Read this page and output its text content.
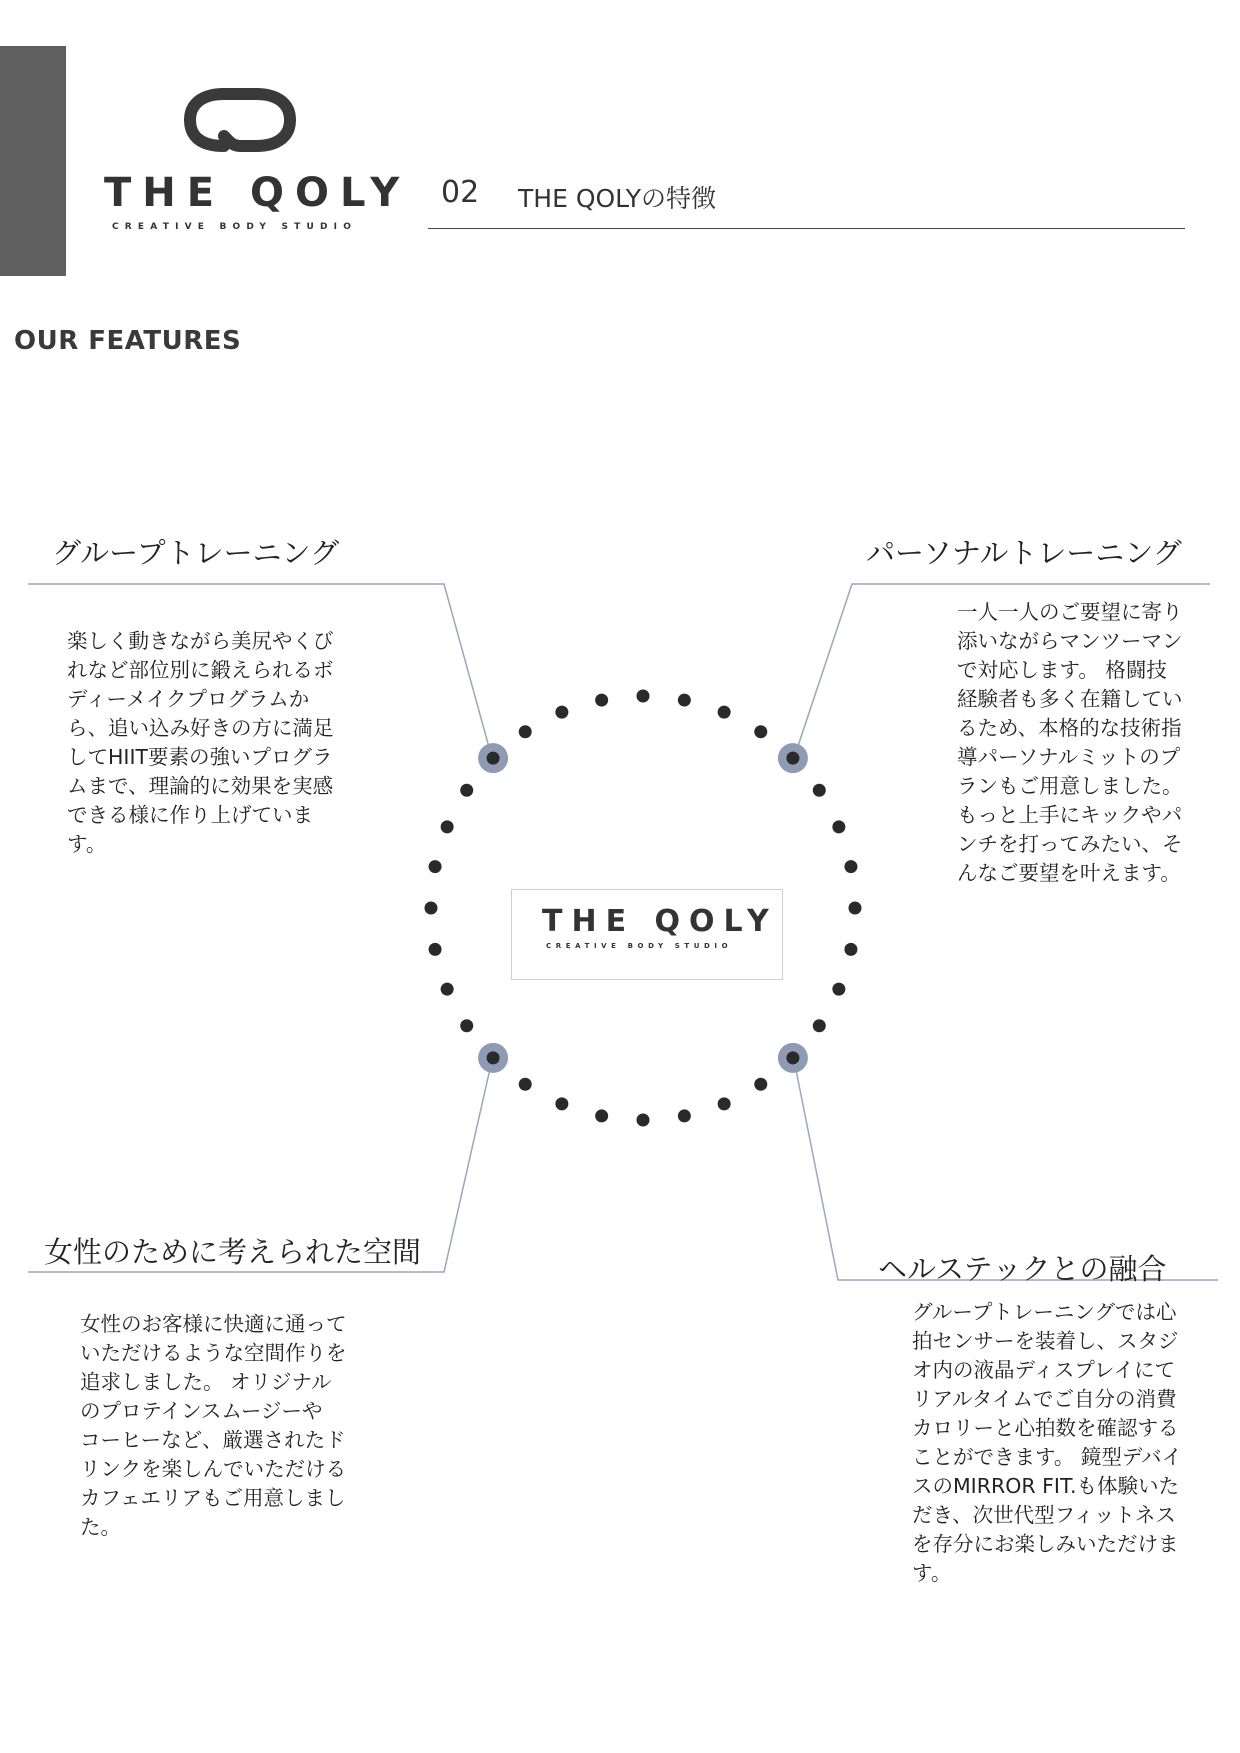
THE QOLY
CREATIVE BODY STUDIO
02 THE QOLYの特徴
OUR FEATURES
グループトレーニング
楽しく動きながら美尻やくび
れなど部位別に鍛えられるボ
ディーメイクプログラムか
ら、追い込み好きの方に満足
してHIIT要素の強いプログラ
ムまで、理論的に効果を実感
できる様に作り上げていま
す。
パーソナルトレーニング
一人一人のご要望に寄り
添いながらマンツーマン
で対応します。 格闘技
経験者も多く在籍してい
るため、本格的な技術指
導パーソナルミットのプ
ランもご用意しました。
もっと上手にキックやパ
ンチを打ってみたい、そ
んなご要望を叶えます。
女性のために考えられた空間
女性のお客様に快適に通って
いただけるような空間作りを
追求しました。 オリジナル
のプロテインスムージーや
コーヒーなど、厳選されたド
リンクを楽しんでいただける
カフェエリアもご用意しまし
た。
ヘルステックとの融合
グループトレーニングでは心
拍センサーを装着し、スタジ
オ内の液晶ディスプレイにて
リアルタイムでご自分の消費
カロリーと心拍数を確認する
ことができます。 鏡型デバイ
スのMIRROR FIT.も体験いた
だき、次世代型フィットネス
を存分にお楽しみいただけま
す。
THE QOLY
CREATIVE BODY STUDIO
